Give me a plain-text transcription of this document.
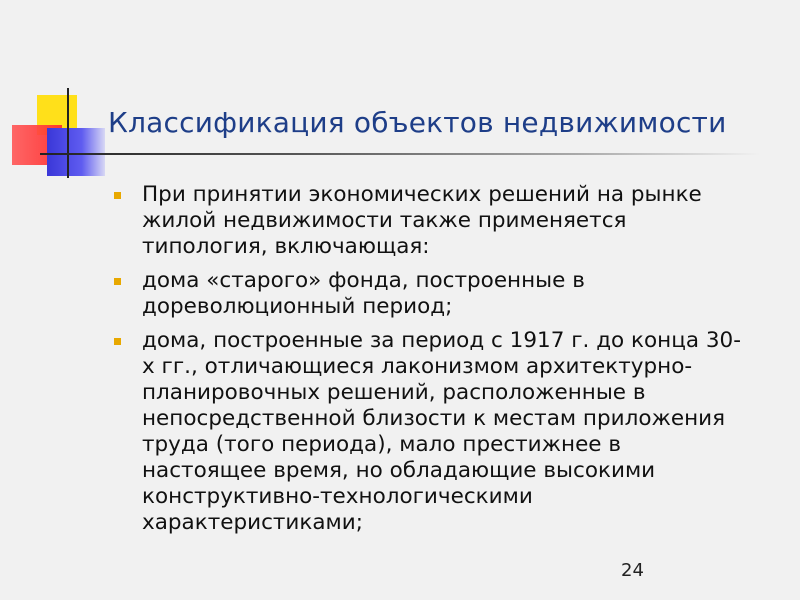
Классификация объектов недвижимости
При принятии экономических решений на рынке жилой недвижимости также применяется типология, включающая:
дома «старого» фонда, построенные в дореволюционный период;
дома, построенные за период с 1917 г. до конца 30-х гг., отличающиеся лаконизмом архитектурно-планировочных решений, расположенные в непосредственной близости к местам приложения труда (того периода), мало престижнее в настоящее время, но обладающие высокими конструктивно-технологическими характеристиками;
24
